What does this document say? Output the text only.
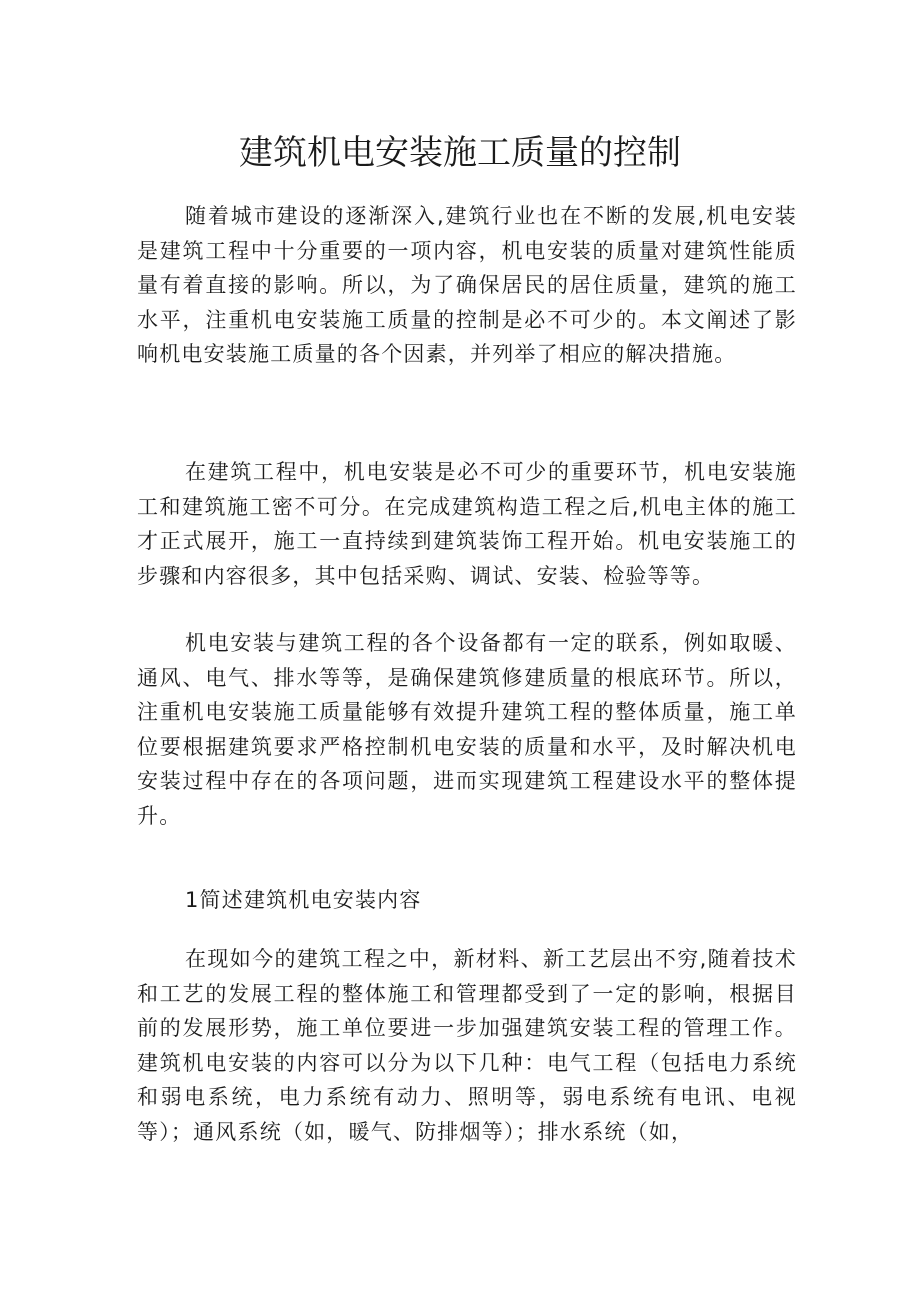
建筑机电安装施工质量的控制

随着城市建设的逐渐深入,建筑行业也在不断的发展,机电安装是建筑工程中十分重要的一项内容，机电安装的质量对建筑性能质量有着直接的影响。所以，为了确保居民的居住质量，建筑的施工水平，注重机电安装施工质量的控制是必不可少的。本文阐述了影响机电安装施工质量的各个因素，并列举了相应的解决措施。

在建筑工程中，机电安装是必不可少的重要环节，机电安装施工和建筑施工密不可分。在完成建筑构造工程之后,机电主体的施工才正式展开，施工一直持续到建筑装饰工程开始。机电安装施工的步骤和内容很多，其中包括采购、调试、安装、检验等等。

机电安装与建筑工程的各个设备都有一定的联系，例如取暖、通风、电气、排水等等，是确保建筑修建质量的根底环节。所以，注重机电安装施工质量能够有效提升建筑工程的整体质量，施工单位要根据建筑要求严格控制机电安装的质量和水平，及时解决机电安装过程中存在的各项问题，进而实现建筑工程建设水平的整体提升。

1简述建筑机电安装内容

在现如今的建筑工程之中，新材料、新工艺层出不穷,随着技术和工艺的发展工程的整体施工和管理都受到了一定的影响，根据目前的发展形势，施工单位要进一步加强建筑安装工程的管理工作。建筑机电安装的内容可以分为以下几种：电气工程（包括电力系统和弱电系统，电力系统有动力、照明等，弱电系统有电讯、电视等）；通风系统（如，暖气、防排烟等）；排水系统（如，
